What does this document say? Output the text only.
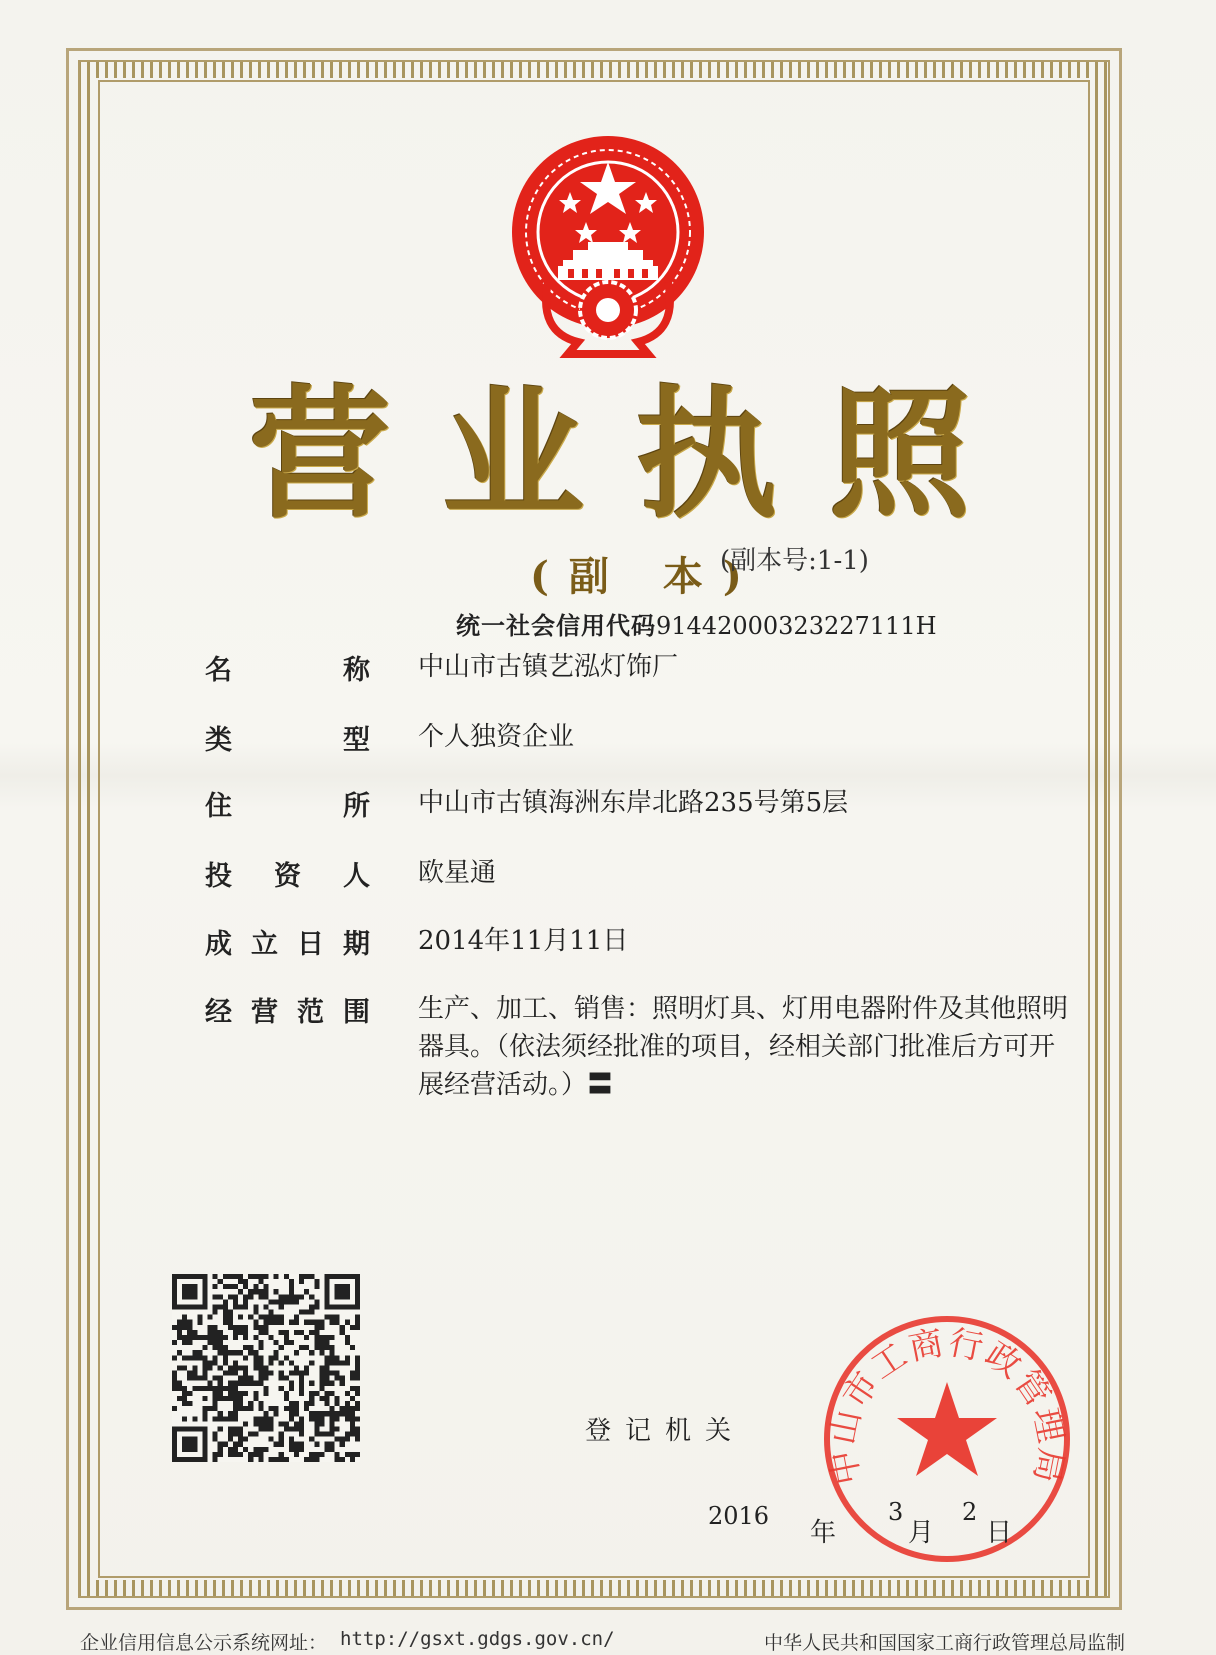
营 业 执 照
(副 本)
(副本号:1-1)
统一社会信用代码91442000323227111H
名	称 中山市古镇艺泓灯饰厂
类	型 个人独资企业
住	所 中山市古镇海洲东岸北路235号第5层
投 资 人 欧星通
成 立 日 期 2014年11月11日
经 营 范 围 生产、加工、销售：照明灯具、灯用电器附件及其他照明器具。（依法须经批准的项目，经相关部门批准后方可开展经营活动。）〓
登记机关
中山市工商行政管理局
2016
年
3
月
2
日
企业信用信息公示系统网址： http://gsxt.gdgs.gov.cn/	中华人民共和国国家工商行政管理总局监制
